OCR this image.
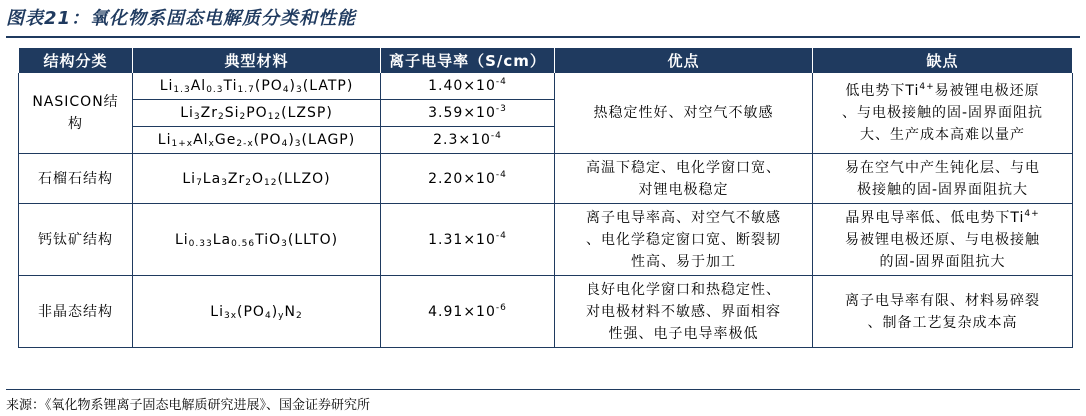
图表21：氧化物系固态电解质分类和性能
结构分类	典型材料	离子电导率（S/cm）	优点	缺点
NASICON结构	$Li_{1.3}Al_{0.3}Ti_{1.7}(PO_4)_3(LATP)$	$1.40\times 10^{-4}$	热稳定性好、对空气不敏感	低电势下$Ti^{4+}$易被锂电极还原
、与电极接触的固-固界面阻抗
大、生产成本高难以量产
	$Li_3Zr_2Si_2PO_{12}(LZSP)$	$3.59\times 10^{-3}$
	$Li_{1+x}Al_xGe_{2-x}(PO_4)_3(LAGP)$	$2.3\times 10^{-4}$
石榴石结构	$Li_7La_3Zr_2O_{12}(LLZO)$	$2.20\times 10^{-4}$	高温下稳定、电化学窗口宽、
对锂电极稳定	易在空气中产生钝化层、与电
极接触的固-固界面阻抗大
钙钛矿结构	$Li_{0.33}La_{0.56}TiO_3(LLTO)$	$1.31\times 10^{-4}$	离子电导率高、对空气不敏感
、电化学稳定窗口宽、断裂韧
性高、易于加工	晶界电导率低、低电势下$Ti^{4+}$
易被锂电极还原、与电极接触
的固-固界面阻抗大
非晶态结构	$Li_{3x}(PO_4)_yN_2$	$4.91\times 10^{-6}$	良好电化学窗口和热稳定性、
对电极材料不敏感、界面相容
性强、电子电导率极低	离子电导率有限、材料易碎裂
、制备工艺复杂成本高
来源：《氧化物系锂离子固态电解质研究进展》、国金证券研究所
